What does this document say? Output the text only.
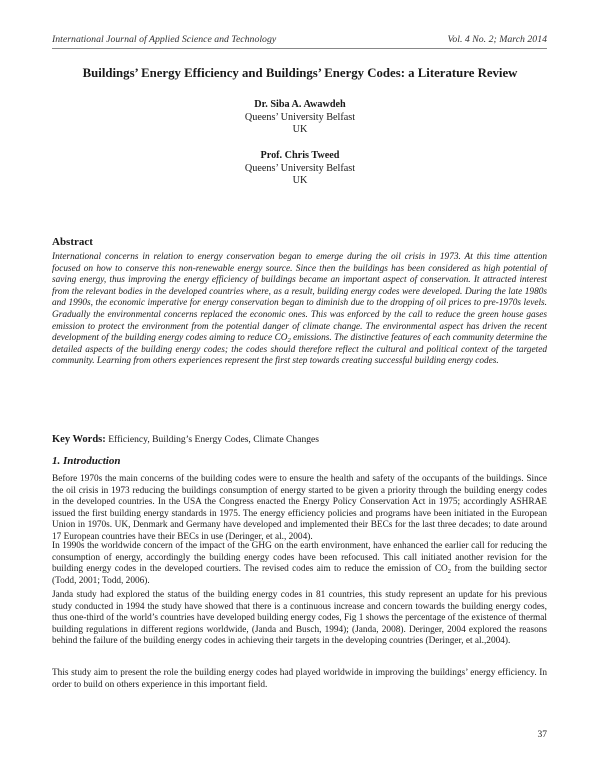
International Journal of Applied Science and Technology	Vol. 4 No. 2; March 2014
Buildings’ Energy Efficiency and Buildings’ Energy Codes: a Literature Review
Dr. Siba A. Awawdeh
Queens’ University Belfast
UK
Prof. Chris Tweed
Queens’ University Belfast
UK
Abstract
International concerns in relation to energy conservation began to emerge during the oil crisis in 1973. At this time attention focused on how to conserve this non-renewable energy source. Since then the buildings has been considered as high potential of saving energy, thus improving the energy efficiency of buildings became an important aspect of conservation. It attracted interest from the relevant bodies in the developed countries where, as a result, building energy codes were developed. During the late 1980s and 1990s, the economic imperative for energy conservation began to diminish due to the dropping of oil prices to pre-1970s levels. Gradually the environmental concerns replaced the economic ones. This was enforced by the call to reduce the green house gases emission to protect the environment from the potential danger of climate change. The environmental aspect has driven the recent development of the building energy codes aiming to reduce $CO_2$ emissions. The distinctive features of each community determine the detailed aspects of the building energy codes; the codes should therefore reflect the cultural and political context of the targeted community. Learning from others experiences represent the first step towards creating successful building energy codes.
Key Words: Efficiency, Building’s Energy Codes, Climate Changes
1. Introduction
Before 1970s the main concerns of the building codes were to ensure the health and safety of the occupants of the buildings. Since the oil crisis in 1973 reducing the buildings consumption of energy started to be given a priority through the building energy codes in the developed countries. In the USA the Congress enacted the Energy Policy Conservation Act in 1975; accordingly ASHRAE issued the first building energy standards in 1975. The energy efficiency policies and programs have been initiated in the European Union in 1970s. UK, Denmark and Germany have developed and implemented their BECs for the last three decades; to date around 17 European countries have their BECs in use (Deringer, et al., 2004).
In 1990s the worldwide concern of the impact of the GHG on the earth environment, have enhanced the earlier call for reducing the consumption of energy, accordingly the building energy codes have been refocused. This call initiated another revision for the building energy codes in the developed courtiers. The revised codes aim to reduce the emission of $CO_2$ from the building sector (Todd, 2001; Todd, 2006).
Janda study had explored the status of the building energy codes in 81 countries, this study represent an update for his previous study conducted in 1994 the study have showed that there is a continuous increase and concern towards the building energy codes, thus one-third of the world’s countries have developed building energy codes, Fig 1 shows the percentage of the existence of thermal building regulations in different regions worldwide, (Janda and Busch, 1994); (Janda, 2008). Deringer, 2004 explored the reasons behind the failure of the building energy codes in achieving their targets in the developing countries (Deringer, et al.,2004).
This study aim to present the role the building energy codes had played worldwide in improving the buildings’ energy efficiency. In order to build on others experience in this important field.
37
